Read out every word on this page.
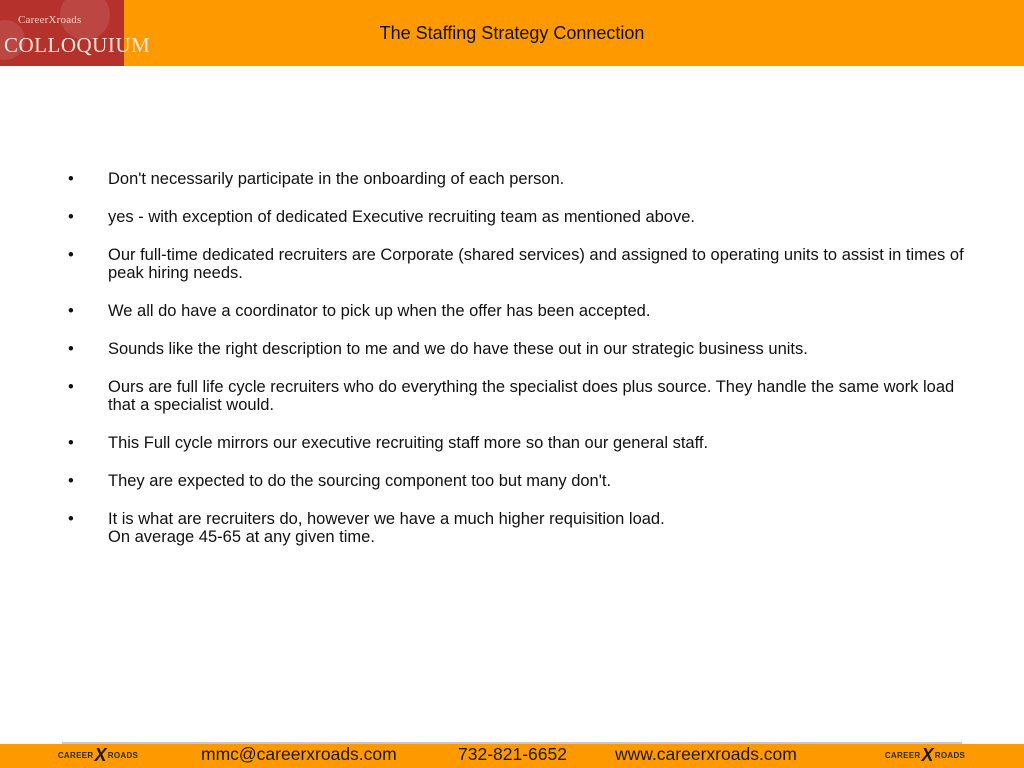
CareerXroads
COLLOQUIUM	The Staffing Strategy Connection
•	Don't necessarily participate in the onboarding of each person.
•	yes - with exception of dedicated Executive recruiting team as mentioned above.
•	Our full-time dedicated recruiters are Corporate (shared services) and assigned to operating units to assist in times of peak hiring needs.
•	We all do have a coordinator to pick up when the offer has been accepted.
•	Sounds like the right description to me and we do have these out in our strategic business units.
•	Ours are full life cycle recruiters who do everything the specialist does plus source. They handle the same work load that a specialist would.
•	This Full cycle mirrors our executive recruiting staff more so than our general staff.
•	They are expected to do the sourcing component too but many don't.
•	It is what are recruiters do, however we have a much higher requisition load.
On average 45-65 at any given time.
CAREER X ROADS	mmc@careerxroads.com	732-821-6652	www.careerxroads.com	CAREER X ROADS
